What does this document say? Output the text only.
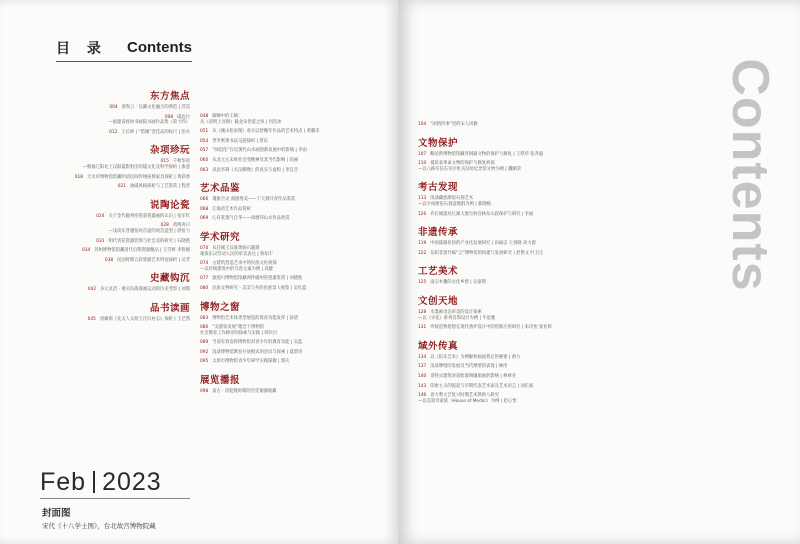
目 录 Contents
东方焦点
004 唐和云 · 汉藏文化融合的典范 | 苏昊
008 砥边行
—福建省政协书画院书画作品集（第十四）
012 王长坤 | “借城”金佳品的标尺 | 彭兵
杂项珍玩
015 千秋华府
—暨福辽阳北上汉阳镜影射出的镜文化及科学探析 | 康意
018 天水市博物馆馆藏明清民间传统座椅家具探析 | 黄彩香
021 油砥风格探析与工艺鉴赏 | 程晋
说陶论瓷
024 关于金代磁州窑瓷彩瓷器画的认识 | 张军红
028 鸡鸣冉日
—浅谈东晋越窑鸡首壶的鸡首造型 | 唐恒力
031 明代青花瓷器装饰与社会美的研究 | 石晓艳
034 苏州博物馆馆藏清代后期瓷器精品 | 王雪妍 李智媛
038 民国时期五彩瓷器艺术特征探析 | 吴芳
史藏钩沉
042 多元灵活 · 重庆抗战漫画运动的历史考察 | 刘瑞
品书读画
045 唐棣祺《先太人太原王氏归衬志》探析 | 王艺然
048 解蝉中的王朝：
从《清明上河图》截北宋世道之风 | 何浩冰
051 从《溪山松泉图》看方以智晚年作品的艺术特点 | 黄馨禾
054 世罗密黄书法交游探析 | 常乐
057 “师造化”在近现代山水画创新发展中的影响 | 李雨
060 从北元元末时社会变精神及其当代影响 | 高丽
063 试论李制《关汉卿像》的真实与虚构 | 李宜音
艺术品鉴
066 瑰象空灵 润滋秀美——丁天刻开青作品鉴赏
068 江海清艺术作品赏析
069 心有笔墨气自华——徐德伟山水作品欣赏
学术研究
070 从任城王汉墓黄肠石题刻
窥探东汉劳动人民的审美表达 | 鲁柏丰
074 古建筑营造艺术中的民俗文化初探
—以传统建筑中的鸟兽元素为例 | 高健
077 敦煌川博物馆馆藏两件磁州窑瓷器鉴赏 | 刘德胜
080 民族文物研究 · 美美与共的民族景人视鉴 | 吴红蓝
博物之窗
083 博物馆艺术体类型展览的资育功能发挥 | 徐望
086 “美感鉴发展”理念下博物馆
社会教育工作路径的探索与实践 | 韩贝贝
089 当前有效发挥博物馆对青少年的教育功能 | 吴蓝
092 浅谈博物馆教育开放模式的尝试与探索 | 夏韵诗
095 太原市博物馆青少年研学实践探微 | 郭庆
展览播报
098 富古 · 清乾隆时期的宫廷铜器收藏
Feb 2023
封面图
宋代《十八学士图》，台北故宫博物院藏
104 “闲情四事”里的宋人风雅
文物保护
107 略论新博物馆馆藏青铜器文物的保护与修复 | 王铁华 张乔盛
110 抵质表革命文物的保护与修复初探
—以八路军驻东军区机关旧址纪念馆文物为例 | 魏顺荣
考古发现
113 浅谈藏族摩崖石刻艺术
—以少尚摩崖石刻造像群为例 | 郝晓梅
126 乔长城遗址长湖大康至故宫林东山段保护与研究 | 李福
非遗传承
119 中国漆器民俗的产业化发展研究 | 田福志 王春晓 高力群
122 东阳非遗竹编“云”博物馆的构建与发展研究 | 赵艳文 叶卫正
工艺美术
125 南宗木雕的文化乡愁 | 吴嘉利
文创天地
128 水墨画语态审美的设计探索
—以《寻花》系列首饰设计为例 | 牛思雅
131 传统造物思想在现代香炉设计中的创新应用研究 | 朱诗怡 张亚辉
域外传真
134 以《伯乐艺术》为例解析画面背后的秘密 | 俞力
137 浅谈摩壁的发展及当代摩壁的表现 | 林彤
140 哥特式建筑对彩绘玻璃镶嵌画的影响 | 林翠业
143 印象主义的提起与早期代表艺术家及艺术语言 | 刘长斌
146 意大利文艺复兴时期艺术赞助人研究
—以美第奇家族（House of Medici）为例 | 赵心怡
Contents
